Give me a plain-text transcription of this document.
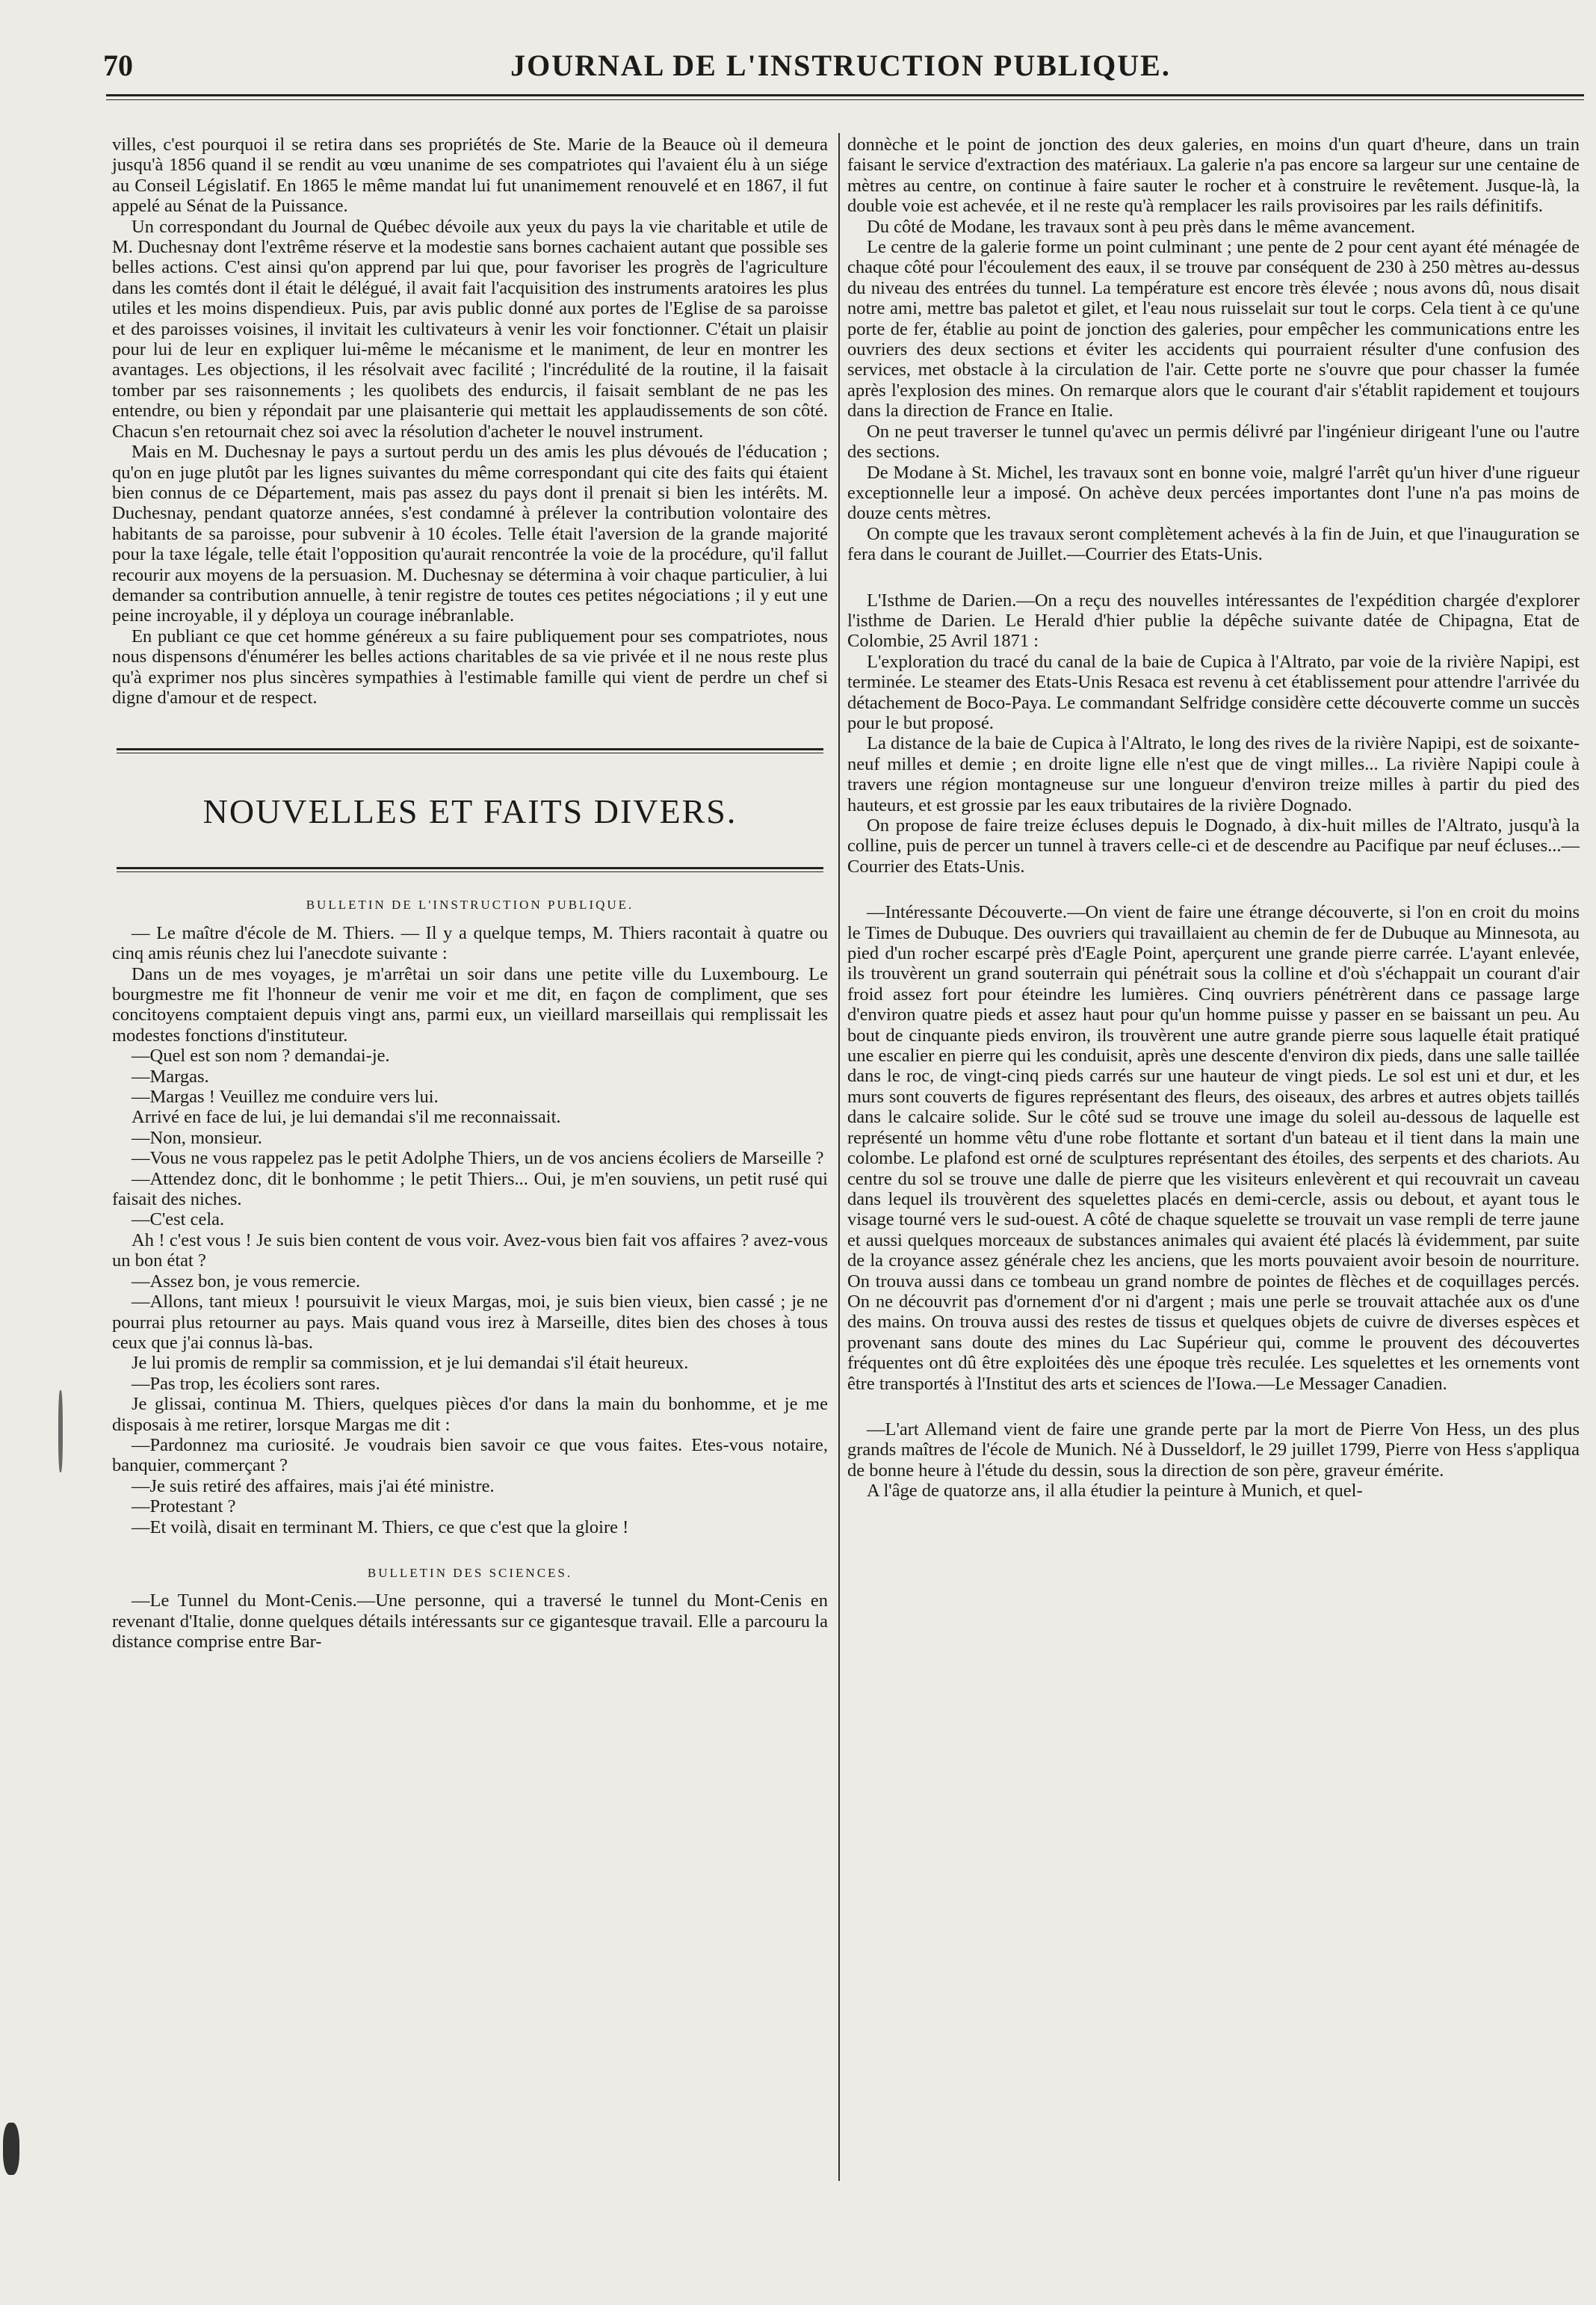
70	JOURNAL DE L'INSTRUCTION PUBLIQUE.

villes, c'est pourquoi il se retira dans ses propriétés de Ste. Marie de la Beauce où il demeura jusqu'à 1856 quand il se rendit au vœu unanime de ses compatriotes qui l'avaient élu à un siége au Conseil Législatif. En 1865 le même mandat lui fut unanimement renouvelé et en 1867, il fut appelé au Sénat de la Puissance.

Un correspondant du Journal de Québec dévoile aux yeux du pays la vie charitable et utile de M. Duchesnay dont l'extrême réserve et la modestie sans bornes cachaient autant que possible ses belles actions. C'est ainsi qu'on apprend par lui que, pour favoriser les progrès de l'agriculture dans les comtés dont il était le délégué, il avait fait l'acquisition des instruments aratoires les plus utiles et les moins dispendieux. Puis, par avis public donné aux portes de l'Eglise de sa paroisse et des paroisses voisines, il invitait les cultivateurs à venir les voir fonctionner. C'était un plaisir pour lui de leur en expliquer lui-même le mécanisme et le maniment, de leur en montrer les avantages. Les objections, il les résolvait avec facilité ; l'incrédulité de la routine, il la faisait tomber par ses raisonnements ; les quolibets des endurcis, il faisait semblant de ne pas les entendre, ou bien y répondait par une plaisanterie qui mettait les applaudissements de son côté. Chacun s'en retournait chez soi avec la résolution d'acheter le nouvel instrument.

Mais en M. Duchesnay le pays a surtout perdu un des amis les plus dévoués de l'éducation ; qu'on en juge plutôt par les lignes suivantes du même correspondant qui cite des faits qui étaient bien connus de ce Département, mais pas assez du pays dont il prenait si bien les intérêts. M. Duchesnay, pendant quatorze années, s'est condamné à prélever la contribution volontaire des habitants de sa paroisse, pour subvenir à 10 écoles. Telle était l'aversion de la grande majorité pour la taxe légale, telle était l'opposition qu'aurait rencontrée la voie de la procédure, qu'il fallut recourir aux moyens de la persuasion. M. Duchesnay se détermina à voir chaque particulier, à lui demander sa contribution annuelle, à tenir registre de toutes ces petites négociations ; il y eut une peine incroyable, il y déploya un courage inébranlable.

En publiant ce que cet homme généreux a su faire publiquement pour ses compatriotes, nous nous dispensons d'énumérer les belles actions charitables de sa vie privée et il ne nous reste plus qu'à exprimer nos plus sincères sympathies à l'estimable famille qui vient de perdre un chef si digne d'amour et de respect.

NOUVELLES ET FAITS DIVERS.
BULLETIN DE L'INSTRUCTION PUBLIQUE.

— Le maître d'école de M. Thiers. — Il y a quelque temps, M. Thiers racontait à quatre ou cinq amis réunis chez lui l'anecdote suivante :

Dans un de mes voyages, je m'arrêtai un soir dans une petite ville du Luxembourg. Le bourgmestre me fit l'honneur de venir me voir et me dit, en façon de compliment, que ses concitoyens comptaient depuis vingt ans, parmi eux, un vieillard marseillais qui remplissait les modestes fonctions d'instituteur.

—Quel est son nom ? demandai-je.

—Margas.

—Margas ! Veuillez me conduire vers lui.

Arrivé en face de lui, je lui demandai s'il me reconnaissait.

—Non, monsieur.

—Vous ne vous rappelez pas le petit Adolphe Thiers, un de vos anciens écoliers de Marseille ?

—Attendez donc, dit le bonhomme ; le petit Thiers... Oui, je m'en souviens, un petit rusé qui faisait des niches.

—C'est cela.

Ah ! c'est vous ! Je suis bien content de vous voir. Avez-vous bien fait vos affaires ? avez-vous un bon état ?

—Assez bon, je vous remercie.

—Allons, tant mieux ! poursuivit le vieux Margas, moi, je suis bien vieux, bien cassé ; je ne pourrai plus retourner au pays. Mais quand vous irez à Marseille, dites bien des choses à tous ceux que j'ai connus là-bas.

Je lui promis de remplir sa commission, et je lui demandai s'il était heureux.

—Pas trop, les écoliers sont rares.

Je glissai, continua M. Thiers, quelques pièces d'or dans la main du bonhomme, et je me disposais à me retirer, lorsque Margas me dit :

—Pardonnez ma curiosité. Je voudrais bien savoir ce que vous faites. Etes-vous notaire, banquier, commerçant ?

—Je suis retiré des affaires, mais j'ai été ministre.

—Protestant ?

—Et voilà, disait en terminant M. Thiers, ce que c'est que la gloire !

BULLETIN DES SCIENCES.

—Le Tunnel du Mont-Cenis.—Une personne, qui a traversé le tunnel du Mont-Cenis en revenant d'Italie, donne quelques détails intéressants sur ce gigantesque travail. Elle a parcouru la distance comprise entre Bar-

donnèche et le point de jonction des deux galeries, en moins d'un quart d'heure, dans un train faisant le service d'extraction des matériaux. La galerie n'a pas encore sa largeur sur une centaine de mètres au centre, on continue à faire sauter le rocher et à construire le revêtement. Jusque-là, la double voie est achevée, et il ne reste qu'à remplacer les rails provisoires par les rails définitifs.

Du côté de Modane, les travaux sont à peu près dans le même avancement.

Le centre de la galerie forme un point culminant ; une pente de 2 pour cent ayant été ménagée de chaque côté pour l'écoulement des eaux, il se trouve par conséquent de 230 à 250 mètres au-dessus du niveau des entrées du tunnel. La température est encore très élevée ; nous avons dû, nous disait notre ami, mettre bas paletot et gilet, et l'eau nous ruisselait sur tout le corps. Cela tient à ce qu'une porte de fer, établie au point de jonction des galeries, pour empêcher les communications entre les ouvriers des deux sections et éviter les accidents qui pourraient résulter d'une confusion des services, met obstacle à la circulation de l'air. Cette porte ne s'ouvre que pour chasser la fumée après l'explosion des mines. On remarque alors que le courant d'air s'établit rapidement et toujours dans la direction de France en Italie.

On ne peut traverser le tunnel qu'avec un permis délivré par l'ingénieur dirigeant l'une ou l'autre des sections.

De Modane à St. Michel, les travaux sont en bonne voie, malgré l'arrêt qu'un hiver d'une rigueur exceptionnelle leur a imposé. On achève deux percées importantes dont l'une n'a pas moins de douze cents mètres.

On compte que les travaux seront complètement achevés à la fin de Juin, et que l'inauguration se fera dans le courant de Juillet.—Courrier des Etats-Unis.

L'Isthme de Darien.—On a reçu des nouvelles intéressantes de l'expédition chargée d'explorer l'isthme de Darien. Le Herald d'hier publie la dépêche suivante datée de Chipagna, Etat de Colombie, 25 Avril 1871 :

L'exploration du tracé du canal de la baie de Cupica à l'Altrato, par voie de la rivière Napipi, est terminée. Le steamer des Etats-Unis Resaca est revenu à cet établissement pour attendre l'arrivée du détachement de Boco-Paya. Le commandant Selfridge considère cette découverte comme un succès pour le but proposé.

La distance de la baie de Cupica à l'Altrato, le long des rives de la rivière Napipi, est de soixante-neuf milles et demie ; en droite ligne elle n'est que de vingt milles... La rivière Napipi coule à travers une région montagneuse sur une longueur d'environ treize milles à partir du pied des hauteurs, et est grossie par les eaux tributaires de la rivière Dognado.

On propose de faire treize écluses depuis le Dognado, à dix-huit milles de l'Altrato, jusqu'à la colline, puis de percer un tunnel à travers celle-ci et de descendre au Pacifique par neuf écluses...—Courrier des Etats-Unis.

—Intéressante Découverte.—On vient de faire une étrange découverte, si l'on en croit du moins le Times de Dubuque. Des ouvriers qui travaillaient au chemin de fer de Dubuque au Minnesota, au pied d'un rocher escarpé près d'Eagle Point, aperçurent une grande pierre carrée. L'ayant enlevée, ils trouvèrent un grand souterrain qui pénétrait sous la colline et d'où s'échappait un courant d'air froid assez fort pour éteindre les lumières. Cinq ouvriers pénétrèrent dans ce passage large d'environ quatre pieds et assez haut pour qu'un homme puisse y passer en se baissant un peu. Au bout de cinquante pieds environ, ils trouvèrent une autre grande pierre sous laquelle était pratiqué une escalier en pierre qui les conduisit, après une descente d'environ dix pieds, dans une salle taillée dans le roc, de vingt-cinq pieds carrés sur une hauteur de vingt pieds. Le sol est uni et dur, et les murs sont couverts de figures représentant des fleurs, des oiseaux, des arbres et autres objets taillés dans le calcaire solide. Sur le côté sud se trouve une image du soleil au-dessous de laquelle est représenté un homme vêtu d'une robe flottante et sortant d'un bateau et il tient dans la main une colombe. Le plafond est orné de sculptures représentant des étoiles, des serpents et des chariots. Au centre du sol se trouve une dalle de pierre que les visiteurs enlevèrent et qui recouvrait un caveau dans lequel ils trouvèrent des squelettes placés en demi-cercle, assis ou debout, et ayant tous le visage tourné vers le sud-ouest. A côté de chaque squelette se trouvait un vase rempli de terre jaune et aussi quelques morceaux de substances animales qui avaient été placés là évidemment, par suite de la croyance assez générale chez les anciens, que les morts pouvaient avoir besoin de nourriture. On trouva aussi dans ce tombeau un grand nombre de pointes de flèches et de coquillages percés. On ne découvrit pas d'ornement d'or ni d'argent ; mais une perle se trouvait attachée aux os d'une des mains. On trouva aussi des restes de tissus et quelques objets de cuivre de diverses espèces et provenant sans doute des mines du Lac Supérieur qui, comme le prouvent des découvertes fréquentes ont dû être exploitées dès une époque très reculée. Les squelettes et les ornements vont être transportés à l'Institut des arts et sciences de l'Iowa.—Le Messager Canadien.

—L'art Allemand vient de faire une grande perte par la mort de Pierre Von Hess, un des plus grands maîtres de l'école de Munich. Né à Dusseldorf, le 29 juillet 1799, Pierre von Hess s'appliqua de bonne heure à l'étude du dessin, sous la direction de son père, graveur émérite.

A l'âge de quatorze ans, il alla étudier la peinture à Munich, et quel-
